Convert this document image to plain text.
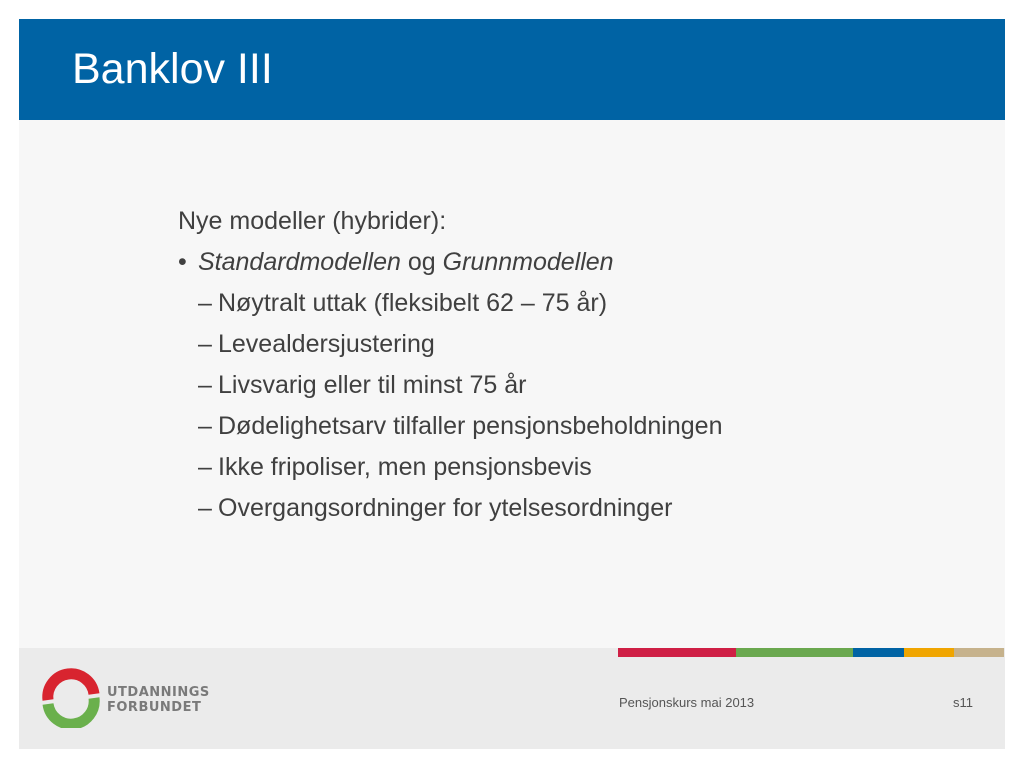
Banklov III
Nye modeller (hybrider):
• Standardmodellen og Grunnmodellen
– Nøytralt uttak (fleksibelt 62 – 75 år)
– Levealdersjustering
– Livsvarig eller til minst 75 år
– Dødelighetsarv tilfaller pensjonsbeholdningen
– Ikke fripoliser, men pensjonsbevis
– Overgangsordninger for ytelsesordninger
UTDANNINGS
FORBUNDET	Pensjonskurs mai 2013	s11
